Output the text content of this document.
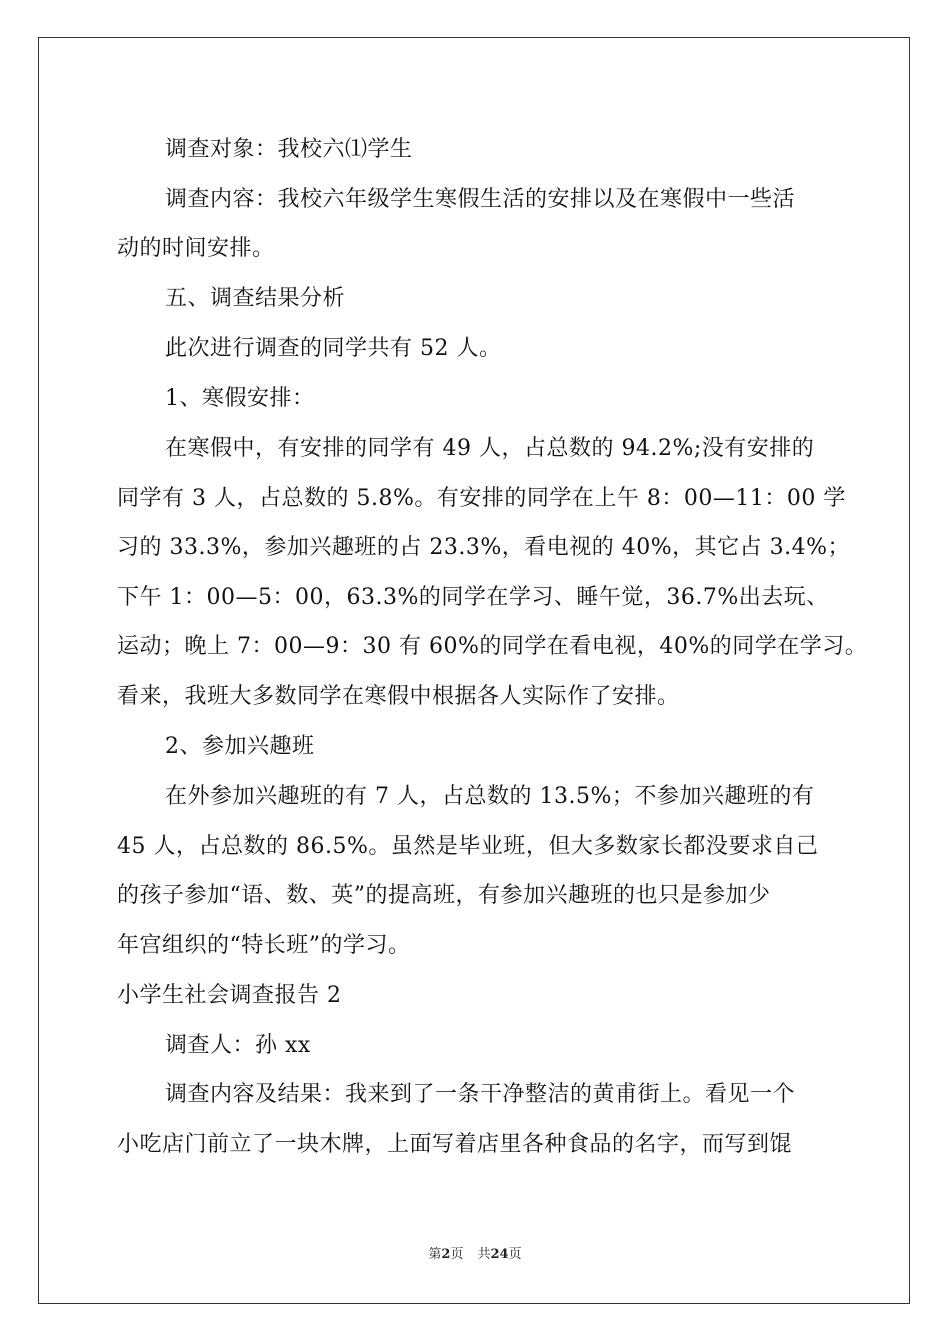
调查对象：我校六⑴学生
调查内容：我校六年级学生寒假生活的安排以及在寒假中一些活
动的时间安排。
五、调查结果分析
此次进行调查的同学共有 52 人。
1、寒假安排：
在寒假中，有安排的同学有 49 人，占总数的 94.2%;没有安排的
同学有 3 人，占总数的 5.8%。有安排的同学在上午 8：00—11：00 学
习的 33.3%，参加兴趣班的占 23.3%，看电视的 40%，其它占 3.4%；
下午 1：00—5：00，63.3%的同学在学习、睡午觉，36.7%出去玩、
运动；晚上 7：00—9：30 有 60%的同学在看电视，40%的同学在学习。
看来，我班大多数同学在寒假中根据各人实际作了安排。
2、参加兴趣班
在外参加兴趣班的有 7 人，占总数的 13.5%；不参加兴趣班的有
45 人，占总数的 86.5%。虽然是毕业班，但大多数家长都没要求自己
的孩子参加“语、数、英”的提高班，有参加兴趣班的也只是参加少
年宫组织的“特长班”的学习。
小学生社会调查报告 2
调查人：孙 xx
调查内容及结果：我来到了一条干净整洁的黄甫街上。看见一个
小吃店门前立了一块木牌，上面写着店里各种食品的名字，而写到馄
第2页 共24页
